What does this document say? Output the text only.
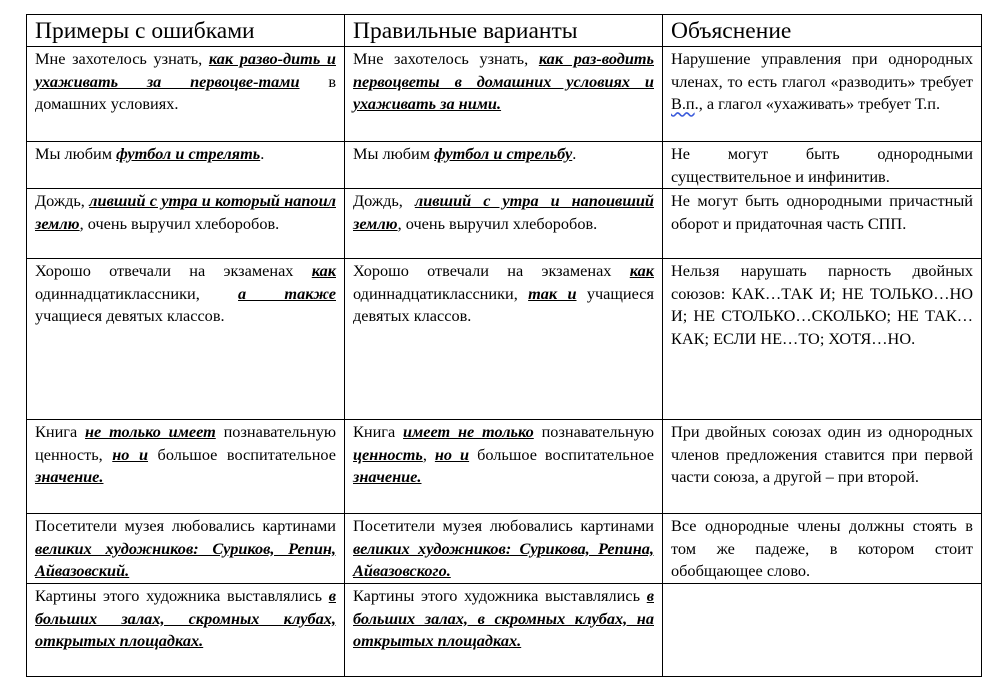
Примеры с ошибками	Правильные варианты	Объяснение
Мне захотелось узнать, как разво-дить и ухаживать за первоцве-тами в домашних условиях.	Мне захотелось узнать, как раз-водить первоцветы в домашних условиях и ухаживать за ними.	Нарушение управления при однородных членах, то есть глагол «разводить» требует В.п., а глагол «ухаживать» требует Т.п.
Мы любим футбол и стрелять.	Мы любим футбол и стрельбу.	Не могут быть однородными существительное и инфинитив.
Дождь, ливший с утра и который напоил землю, очень выручил хлеборобов.	Дождь, ливший с утра и напоивший землю, очень выручил хлеборобов.	Не могут быть однородными причастный оборот и придаточная часть СПП.
Хорошо отвечали на экзаменах как одиннадцатиклассники, а также учащиеся девятых классов.	Хорошо отвечали на экзаменах как одиннадцатиклассники, так и учащиеся девятых классов.	Нельзя нарушать парность двойных союзов: КАК…ТАК И; НЕ ТОЛЬКО…НО И; НЕ СТОЛЬКО…СКОЛЬКО; НЕ ТАК…КАК; ЕСЛИ НЕ…ТО; ХОТЯ…НО.
Книга не только имеет познавательную ценность, но и большое воспитательное значение.	Книга имеет не только познавательную ценность, но и большое воспитательное значение.	При двойных союзах один из однородных членов предложения ставится при первой части союза, а другой – при второй.
Посетители музея любовались картинами великих художников: Суриков, Репин, Айвазовский.	Посетители музея любовались картинами великих художников: Сурикова, Репина, Айвазовского.	Все однородные члены должны стоять в том же падеже, в котором стоит обобщающее слово.
Картины этого художника выставлялись в больших залах, скромных клубах, открытых площадках.	Картины этого художника выставлялись в больших залах, в скромных клубах, на открытых площадках.	
